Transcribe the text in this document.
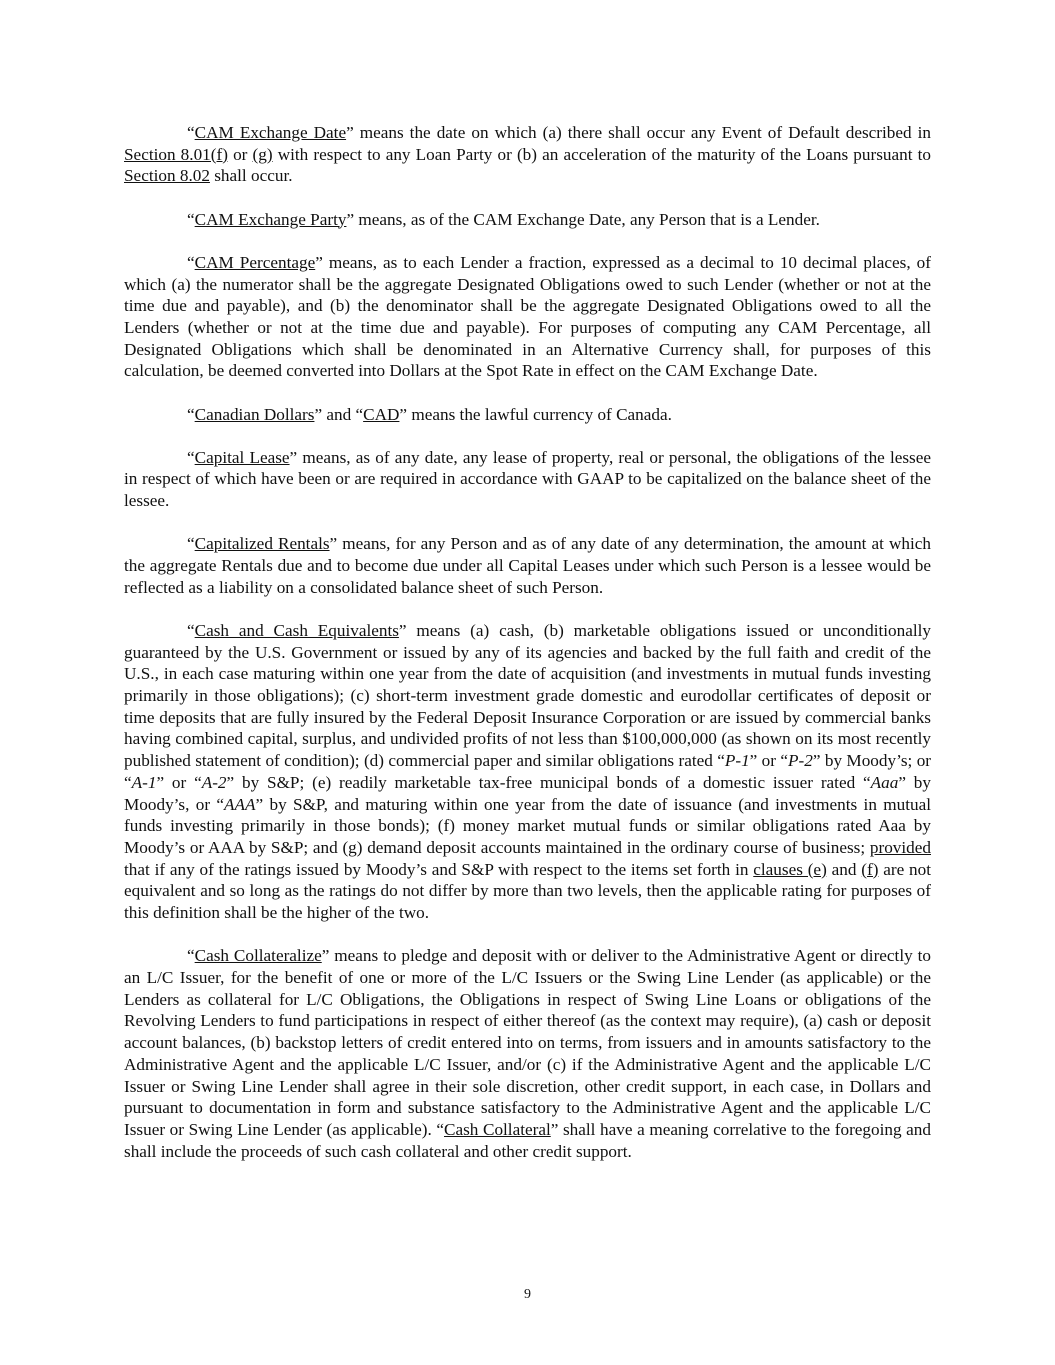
“CAM Exchange Date” means the date on which (a) there shall occur any Event of Default described in Section 8.01(f) or (g) with respect to any Loan Party or (b) an acceleration of the maturity of the Loans pursuant to Section 8.02 shall occur.

“CAM Exchange Party” means, as of the CAM Exchange Date, any Person that is a Lender.

“CAM Percentage” means, as to each Lender a fraction, expressed as a decimal to 10 decimal places, of which (a) the numerator shall be the aggregate Designated Obligations owed to such Lender (whether or not at the time due and payable), and (b) the denominator shall be the aggregate Designated Obligations owed to all the Lenders (whether or not at the time due and payable). For purposes of computing any CAM Percentage, all Designated Obligations which shall be denominated in an Alternative Currency shall, for purposes of this calculation, be deemed converted into Dollars at the Spot Rate in effect on the CAM Exchange Date.

“Canadian Dollars” and “CAD” means the lawful currency of Canada.

“Capital Lease” means, as of any date, any lease of property, real or personal, the obligations of the lessee in respect of which have been or are required in accordance with GAAP to be capitalized on the balance sheet of the lessee.

“Capitalized Rentals” means, for any Person and as of any date of any determination, the amount at which the aggregate Rentals due and to become due under all Capital Leases under which such Person is a lessee would be reflected as a liability on a consolidated balance sheet of such Person.

“Cash and Cash Equivalents” means (a) cash, (b) marketable obligations issued or unconditionally guaranteed by the U.S. Government or issued by any of its agencies and backed by the full faith and credit of the U.S., in each case maturing within one year from the date of acquisition (and investments in mutual funds investing primarily in those obligations); (c) short-term investment grade domestic and eurodollar certificates of deposit or time deposits that are fully insured by the Federal Deposit Insurance Corporation or are issued by commercial banks having combined capital, surplus, and undivided profits of not less than $100,000,000 (as shown on its most recently published statement of condition); (d) commercial paper and similar obligations rated “P-1” or “P-2” by Moody’s; or “A-1” or “A-2” by S&P; (e) readily marketable tax-free municipal bonds of a domestic issuer rated “Aaa” by Moody’s, or “AAA” by S&P, and maturing within one year from the date of issuance (and investments in mutual funds investing primarily in those bonds); (f) money market mutual funds or similar obligations rated Aaa by Moody’s or AAA by S&P; and (g) demand deposit accounts maintained in the ordinary course of business; provided that if any of the ratings issued by Moody’s and S&P with respect to the items set forth in clauses (e) and (f) are not equivalent and so long as the ratings do not differ by more than two levels, then the applicable rating for purposes of this definition shall be the higher of the two.

“Cash Collateralize” means to pledge and deposit with or deliver to the Administrative Agent or directly to an L/C Issuer, for the benefit of one or more of the L/C Issuers or the Swing Line Lender (as applicable) or the Lenders as collateral for L/C Obligations, the Obligations in respect of Swing Line Loans or obligations of the Revolving Lenders to fund participations in respect of either thereof (as the context may require), (a) cash or deposit account balances, (b) backstop letters of credit entered into on terms, from issuers and in amounts satisfactory to the Administrative Agent and the applicable L/C Issuer, and/or (c) if the Administrative Agent and the applicable L/C Issuer or Swing Line Lender shall agree in their sole discretion, other credit support, in each case, in Dollars and pursuant to documentation in form and substance satisfactory to the Administrative Agent and the applicable L/C Issuer or Swing Line Lender (as applicable). “Cash Collateral” shall have a meaning correlative to the foregoing and shall include the proceeds of such cash collateral and other credit support.

9
